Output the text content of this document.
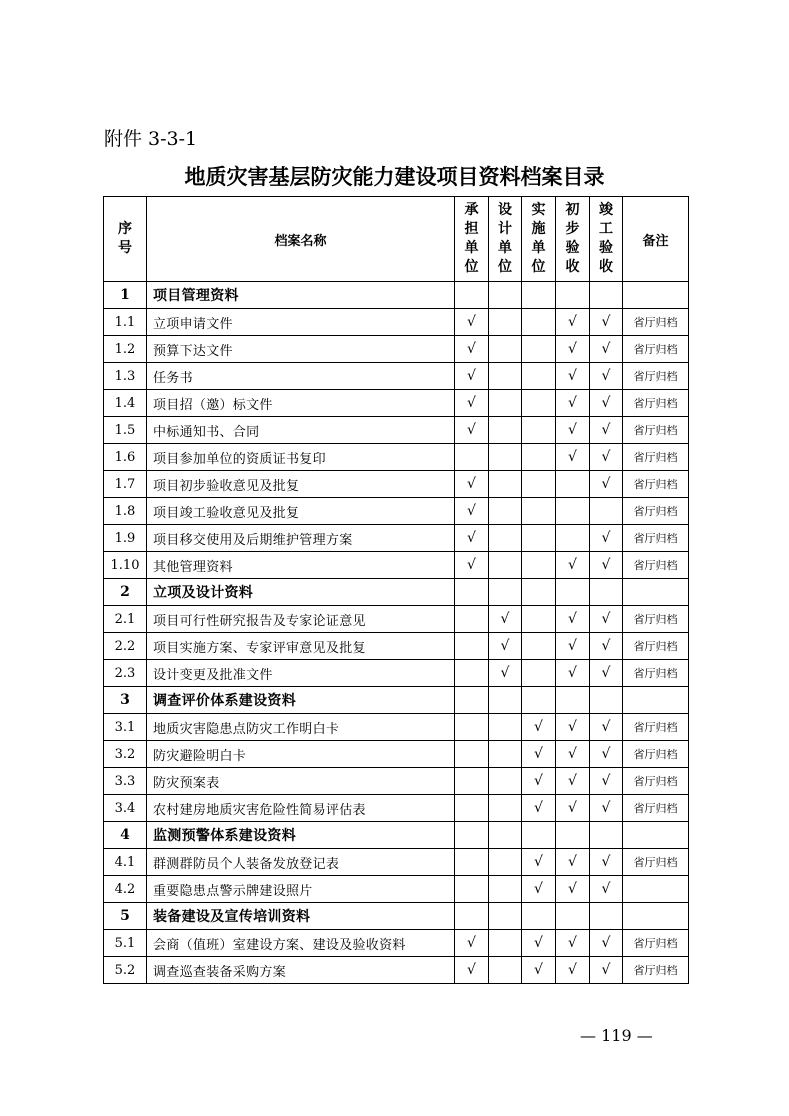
附件 3-3-1
地质灾害基层防灾能力建设项目资料档案目录
序号	档案名称	承担单位	设计单位	实施单位	初步验收	竣工验收	备注
1	项目管理资料						
1.1	立项申请文件	√			√	√	省厅归档
1.2	预算下达文件	√			√	√	省厅归档
1.3	任务书	√			√	√	省厅归档
1.4	项目招（邀）标文件	√			√	√	省厅归档
1.5	中标通知书、合同	√			√	√	省厅归档
1.6	项目参加单位的资质证书复印				√	√	省厅归档
1.7	项目初步验收意见及批复	√				√	省厅归档
1.8	项目竣工验收意见及批复	√					省厅归档
1.9	项目移交使用及后期维护管理方案	√				√	省厅归档
1.10	其他管理资料	√			√	√	省厅归档
2	立项及设计资料						
2.1	项目可行性研究报告及专家论证意见		√		√	√	省厅归档
2.2	项目实施方案、专家评审意见及批复		√		√	√	省厅归档
2.3	设计变更及批准文件		√		√	√	省厅归档
3	调查评价体系建设资料						
3.1	地质灾害隐患点防灾工作明白卡			√	√	√	省厅归档
3.2	防灾避险明白卡			√	√	√	省厅归档
3.3	防灾预案表			√	√	√	省厅归档
3.4	农村建房地质灾害危险性简易评估表			√	√	√	省厅归档
4	监测预警体系建设资料						
4.1	群测群防员个人装备发放登记表			√	√	√	省厅归档
4.2	重要隐患点警示牌建设照片			√	√	√	
5	装备建设及宣传培训资料						
5.1	会商（值班）室建设方案、建设及验收资料	√		√	√	√	省厅归档
5.2	调查巡查装备采购方案	√		√	√	√	省厅归档
— 119 —
